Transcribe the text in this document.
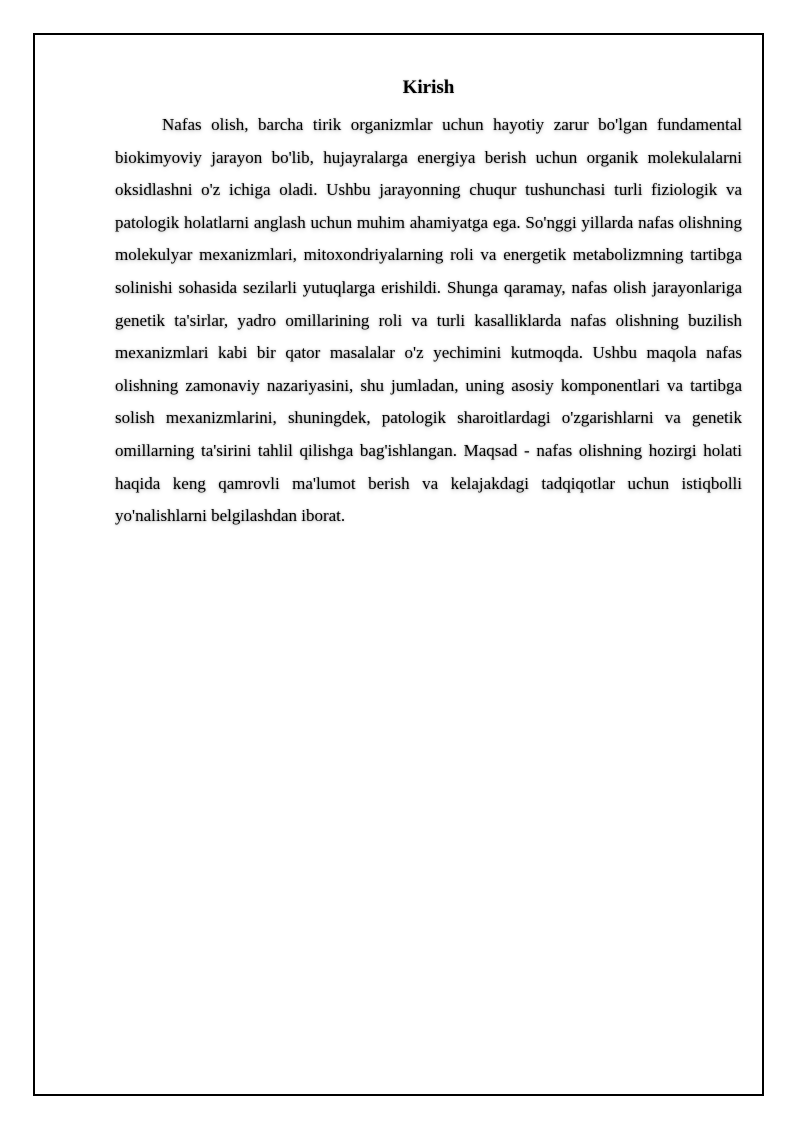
Kirish

Nafas olish, barcha tirik organizmlar uchun hayotiy zarur bo'lgan fundamental biokimyoviy jarayon bo'lib, hujayralarga energiya berish uchun organik molekulalarni oksidlashni o'z ichiga oladi. Ushbu jarayonning chuqur tushunchasi turli fiziologik va patologik holatlarni anglash uchun muhim ahamiyatga ega. So'nggi yillarda nafas olishning molekulyar mexanizmlari, mitoxondriyalarning roli va energetik metabolizmning tartibga solinishi sohasida sezilarli yutuqlarga erishildi. Shunga qaramay, nafas olish jarayonlariga genetik ta'sirlar, yadro omillarining roli va turli kasalliklarda nafas olishning buzilish mexanizmlari kabi bir qator masalalar o'z yechimini kutmoqda. Ushbu maqola nafas olishning zamonaviy nazariyasini, shu jumladan, uning asosiy komponentlari va tartibga solish mexanizmlarini, shuningdek, patologik sharoitlardagi o'zgarishlarni va genetik omillarning ta'sirini tahlil qilishga bag'ishlangan. Maqsad - nafas olishning hozirgi holati haqida keng qamrovli ma'lumot berish va kelajakdagi tadqiqotlar uchun istiqbolli yo'nalishlarni belgilashdan iborat.
